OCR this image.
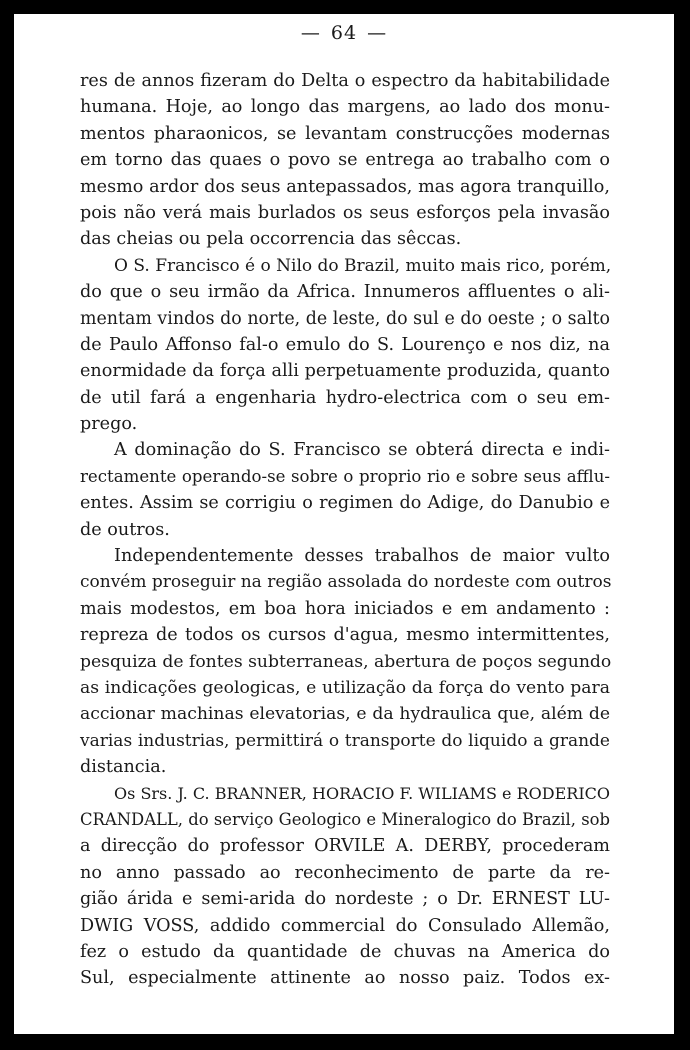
— 64 —
res de annos fizeram do Delta o espectro da habitabilidade
humana. Hoje, ao longo das margens, ao lado dos monu-
mentos pharaonicos, se levantam construcções modernas
em torno das quaes o povo se entrega ao trabalho com o
mesmo ardor dos seus antepassados, mas agora tranquillo,
pois não verá mais burlados os seus esforços pela invasão
das cheias ou pela occorrencia das sêccas.
O S. Francisco é o Nilo do Brazil, muito mais rico, porém,
do que o seu irmão da Africa. Innumeros affluentes o ali-
mentam vindos do norte, de leste, do sul e do oeste ; o salto
de Paulo Affonso fal-o emulo do S. Lourenço e nos diz, na
enormidade da força alli perpetuamente produzida, quanto
de util fará a engenharia hydro-electrica com o seu em-
prego.
A dominação do S. Francisco se obterá directa e indi-
rectamente operando-se sobre o proprio rio e sobre seus afflu-
entes. Assim se corrigiu o regimen do Adige, do Danubio e
de outros.
Independentemente desses trabalhos de maior vulto
convém proseguir na região assolada do nordeste com outros
mais modestos, em boa hora iniciados e em andamento :
repreza de todos os cursos d'agua, mesmo intermittentes,
pesquiza de fontes subterraneas, abertura de poços segundo
as indicações geologicas, e utilização da força do vento para
accionar machinas elevatorias, e da hydraulica que, além de
varias industrias, permittirá o transporte do liquido a grande
distancia.
Os Srs. J. C. BRANNER, HORACIO F. WILIAMS e RODERICO
CRANDALL, do serviço Geologico e Mineralogico do Brazil, sob
a direcção do professor ORVILE A. DERBY, procederam
no anno passado ao reconhecimento de parte da re-
gião árida e semi-arida do nordeste ; o Dr. ERNEST LU-
DWIG VOSS, addido commercial do Consulado Allemão,
fez o estudo da quantidade de chuvas na America do
Sul, especialmente attinente ao nosso paiz. Todos ex-
